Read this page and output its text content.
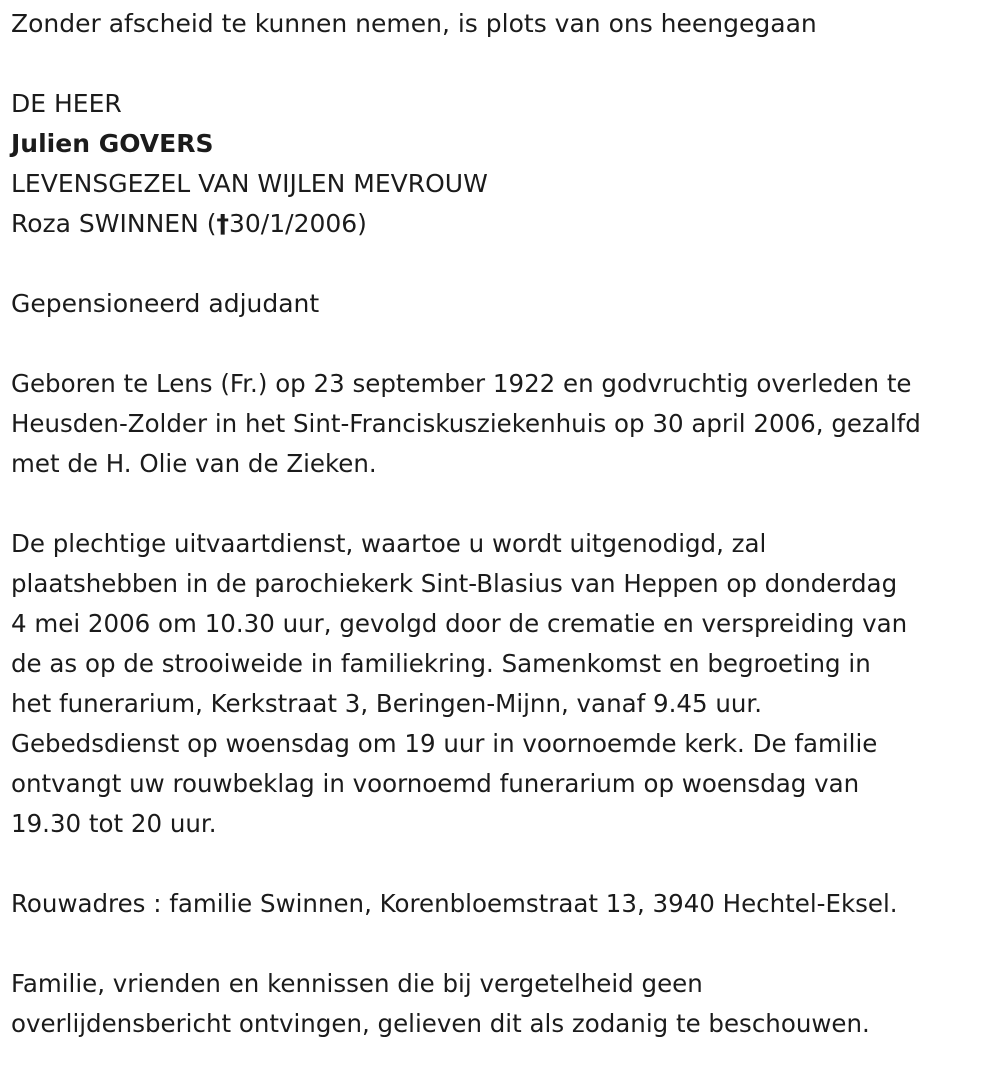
Zonder afscheid te kunnen nemen, is plots van ons heengegaan

DE HEER

Julien GOVERS

LEVENSGEZEL VAN WIJLEN MEVROUW

Roza SWINNEN (†30/1/2006)

Gepensioneerd adjudant

Geboren te Lens (Fr.) op 23 september 1922 en godvruchtig overleden te

Heusden-Zolder in het Sint-Franciskusziekenhuis op 30 april 2006, gezalfd

met de H. Olie van de Zieken.

De plechtige uitvaartdienst, waartoe u wordt uitgenodigd, zal

plaatshebben in de parochiekerk Sint-Blasius van Heppen op donderdag

4 mei 2006 om 10.30 uur, gevolgd door de crematie en verspreiding van

de as op de strooiweide in familiekring. Samenkomst en begroeting in

het funerarium, Kerkstraat 3, Beringen-Mijnn, vanaf 9.45 uur.

Gebedsdienst op woensdag om 19 uur in voornoemde kerk. De familie

ontvangt uw rouwbeklag in voornoemd funerarium op woensdag van

19.30 tot 20 uur.

Rouwadres : familie Swinnen, Korenbloemstraat 13, 3940 Hechtel-Eksel.

Familie, vrienden en kennissen die bij vergetelheid geen

overlijdensbericht ontvingen, gelieven dit als zodanig te beschouwen.
